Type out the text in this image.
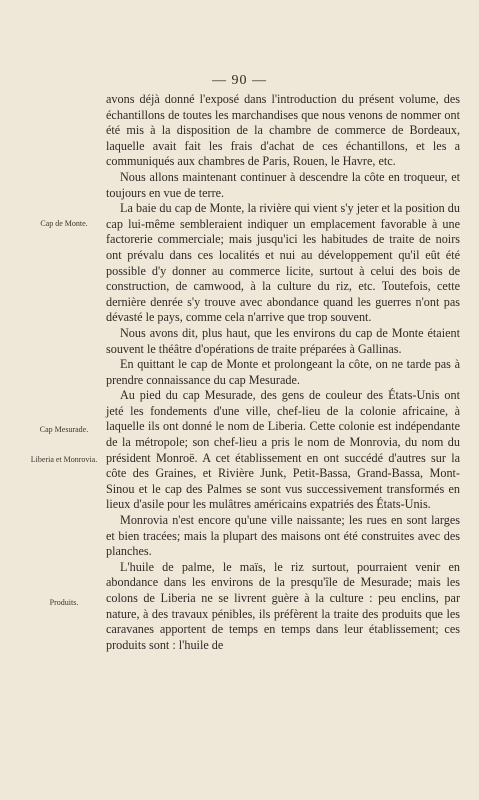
— 90 —
Cap de Monte.
Cap Mesurade.
Liberia et Monrovia.
Produits.

avons déjà donné l'exposé dans l'introduction du présent volume, des échantillons de toutes les marchandises que nous venons de nommer ont été mis à la disposition de la chambre de commerce de Bordeaux, laquelle avait fait les frais d'achat de ces échantillons, et les a communiqués aux chambres de Paris, Rouen, le Havre, etc.

Nous allons maintenant continuer à descendre la côte en troqueur, et toujours en vue de terre.

La baie du cap de Monte, la rivière qui vient s'y jeter et la position du cap lui-même sembleraient indiquer un emplacement favorable à une factorerie commerciale; mais jusqu'ici les habitudes de traite de noirs ont prévalu dans ces localités et nui au développement qu'il eût été possible d'y donner au commerce licite, surtout à celui des bois de construction, de camwood, à la culture du riz, etc. Toutefois, cette dernière denrée s'y trouve avec abondance quand les guerres n'ont pas dévasté le pays, comme cela n'arrive que trop souvent.

Nous avons dit, plus haut, que les environs du cap de Monte étaient souvent le théâtre d'opérations de traite préparées à Gallinas.

En quittant le cap de Monte et prolongeant la côte, on ne tarde pas à prendre connaissance du cap Mesurade.

Au pied du cap Mesurade, des gens de couleur des États-Unis ont jeté les fondements d'une ville, chef-lieu de la colonie africaine, à laquelle ils ont donné le nom de Liberia. Cette colonie est indépendante de la métropole; son chef-lieu a pris le nom de Monrovia, du nom du président Monroë. A cet établissement en ont succédé d'autres sur la côte des Graines, et Rivière Junk, Petit-Bassa, Grand-Bassa, Mont-Sinou et le cap des Palmes se sont vus successivement transformés en lieux d'asile pour les mulâtres américains expatriés des États-Unis.

Monrovia n'est encore qu'une ville naissante; les rues en sont larges et bien tracées; mais la plupart des maisons ont été construites avec des planches.

L'huile de palme, le maïs, le riz surtout, pourraient venir en abondance dans les environs de la presqu'île de Mesurade; mais les colons de Liberia ne se livrent guère à la culture : peu enclins, par nature, à des travaux pénibles, ils préfèrent la traite des produits que les caravanes apportent de temps en temps dans leur établissement; ces produits sont : l'huile de
